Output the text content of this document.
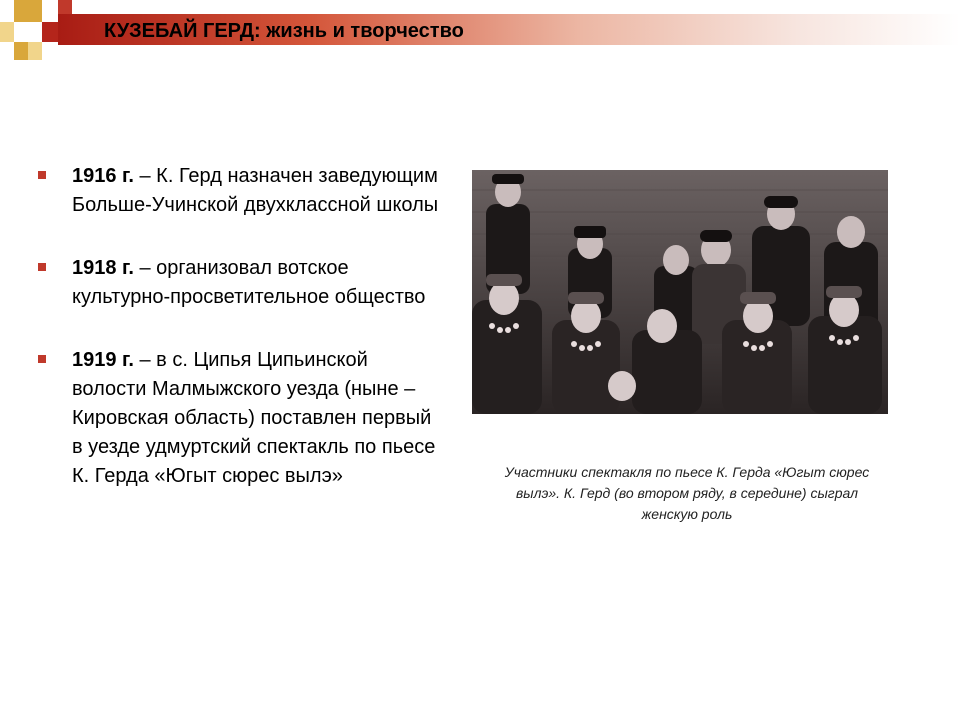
КУЗЕБАЙ ГЕРД: жизнь и творчество
1916 г. – К. Герд назначен заведующим Больше-Учинской двухклассной школы
1918 г. – организовал вотское культурно-просветительное общество
1919 г. – в с. Ципья Ципьинской волости Малмыжского уезда (ныне – Кировская область) поставлен первый в уезде удмуртский спектакль по пьесе К. Герда «Югыт сюрес вылэ»	Участники спектакля по пьесе К. Герда «Югыт сюрес вылэ». К. Герд (во втором ряду, в середине) сыграл женскую роль
